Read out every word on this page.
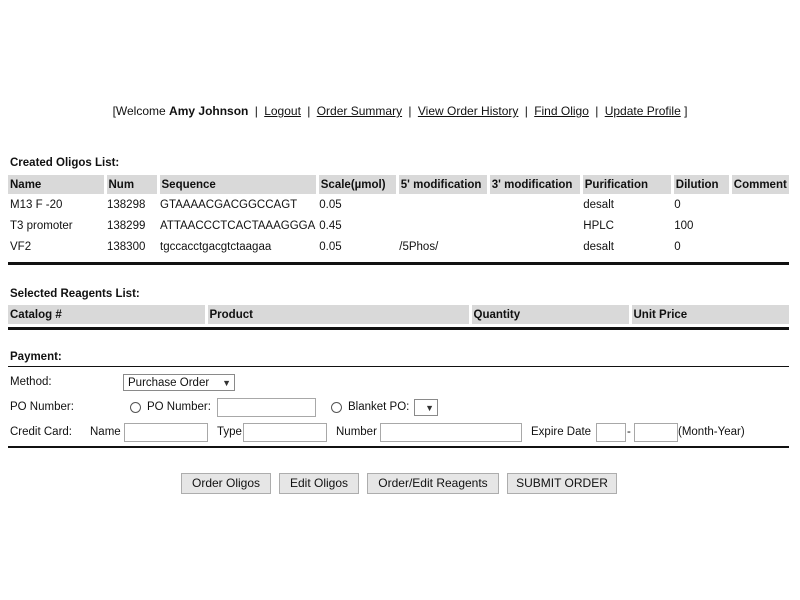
[Welcome Amy Johnson | Logout | Order Summary | View Order History | Find Oligo | Update Profile ]
Created Oligos List:
Name	Num	Sequence	Scale(µmol)	5' modification	3' modification	Purification	Dilution	Comment
M13 F -20	138298	GTAAAACGACGGCCAGT	0.05			desalt	0	
T3 promoter	138299	ATTAACCCTCACTAAAGGGA	0.45			HPLC	100	
VF2	138300	tgccacctgacgtctaagaa	0.05	/5Phos/		desalt	0	
Selected Reagents List:
Catalog #	Product	Quantity	Unit Price
Payment:
Method:	Purchase Order ▼
PO Number:	PO Number:	Blanket PO: ▼
Credit Card: Name	Type	Number	Expire Date	-	(Month-Year)
Order Oligos	Edit Oligos	Order/Edit Reagents	SUBMIT ORDER
